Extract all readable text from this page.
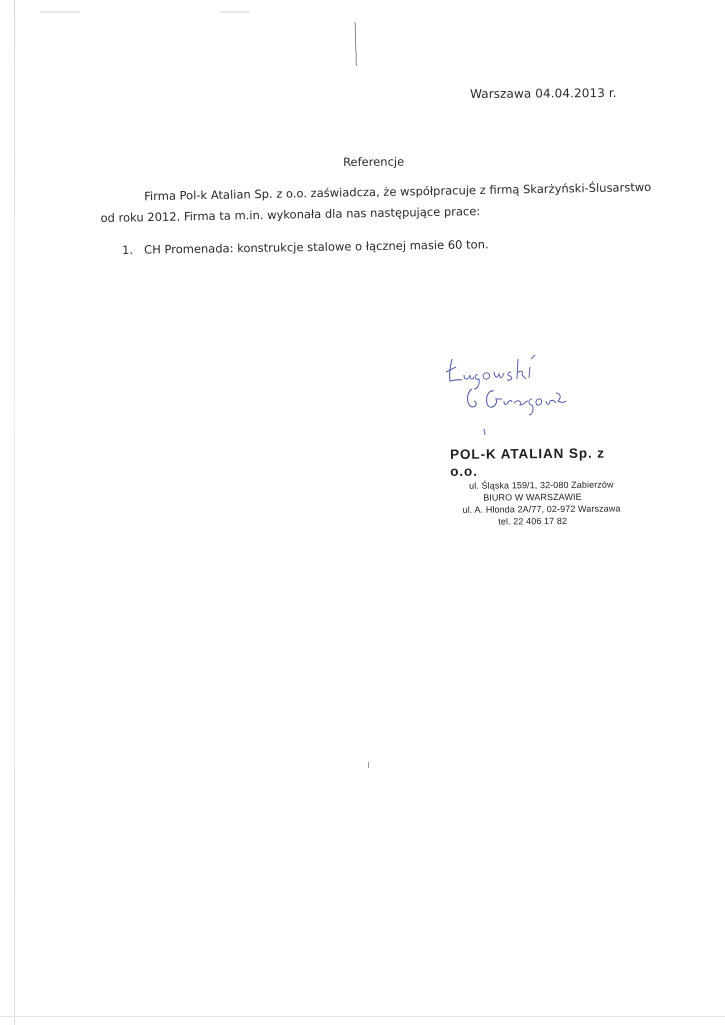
Warszawa 04.04.2013 r.
Referencje
Firma Pol-k Atalian Sp. z o.o. zaświadcza, że współpracuje z firmą Skarżyński-Ślusarstwo od roku 2012. Firma ta m.in. wykonała dla nas następujące prace:
1. CH Promenada: konstrukcje stalowe o łącznej masie 60 ton.
POL-K ATALIAN Sp. z o.o.
ul. Śląska 159/1, 32-080 Zabierzów
BIURO W WARSZAWIE
ul. A. Hlonda 2A/77, 02-972 Warszawa
tel. 22 406 17 82
